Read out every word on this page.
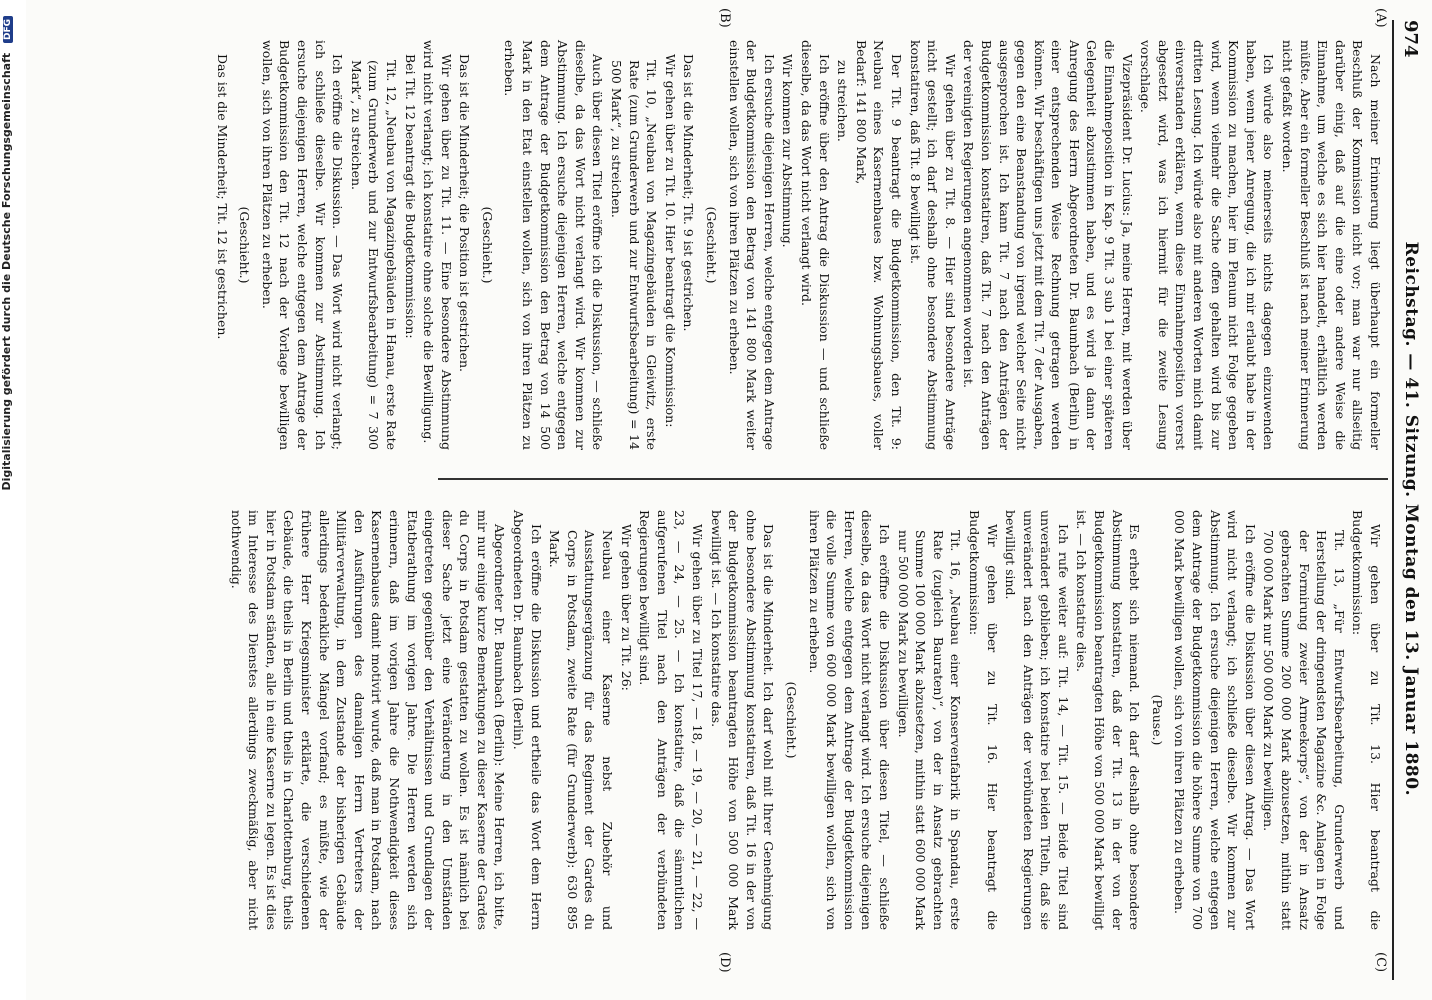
974
Reichstag. — 41. Sitzung. Montag den 13. Januar 1880.
(A)
(B)
(C)
(D)

Nach meiner Erinnerung liegt überhaupt ein formeller Beschluß der Kommission nicht vor; man war nur allseitig darüber einig, daß auf die eine oder andere Weise die Einnahme, um welche es sich hier handelt, erhältlich werden müßte. Aber ein formeller Beschluß ist nach meiner Erinnerung nicht gefaßt worden.

Ich würde also meinerseits nichts dagegen einzuwenden haben, wenn jener Anregung, die ich mir erlaubt habe in der Kommission zu machen, hier im Plenum nicht Folge gegeben wird, wenn vielmehr die Sache offen gehalten wird bis zur dritten Lesung. Ich würde also mit anderen Worten mich damit einverstanden erklären, wenn diese Einnahmeposition vorerst abgesetzt wird, was ich hiermit für die zweite Lesung vorschlage.

Vizepräsident Dr. Lucius: Ja, meine Herren, mit werden über die Einnahmeposition in Kap. 9 Tit. 3 sub 1 bei einer späteren Gelegenheit abzustimmen haben, und es wird ja dann der Anregung des Herrn Abgeordneten Dr. Baumbach (Berlin) in einer entsprechenden Weise Rechnung getragen werden können. Wir beschäftigen uns jetzt mit dem Tit. 7 der Ausgaben, gegen den eine Beanstandung von irgend welcher Seite nicht ausgesprochen ist. Ich kann Tit. 7 nach den Anträgen der Budgetkommission konstatiren, daß Tit. 7 nach den Anträgen der vereinigten Regierungen angenommen worden ist.

Wir gehen über zu Tit. 8. — Hier sind besondere Anträge nicht gestellt; ich darf deshalb ohne besondere Abstimmung konstatiren, daß Tit. 8 bewilligt ist.

Der Tit. 9 beantragt die Budgetkommission, den Tit. 9: Neubau eines Kasernenbaues bzw. Wohnungsbaues, voller Bedarf: 141 800 Mark,

zu streichen.

Ich eröffne über den Antrag die Diskussion — und schließe dieselbe, da das Wort nicht verlangt wird.

Wir kommen zur Abstimmung.

Ich ersuche diejenigen Herren, welche entgegen dem Antrage der Budgetkommission den Betrag von 141 800 Mark weiter einstellen wollen, sich von ihren Plätzen zu erheben.

(Geschieht.)

Das ist die Minderheit; Tit. 9 ist gestrichen.

Wir gehen über zu Tit. 10. Hier beantragt die Kommission:

Tit. 10, „Neubau von Magazingebäuden in Gleiwitz, erste Rate (zum Grunderwerb und zur Entwurfsbearbeitung) = 14 500 Mark“, zu streichen.

Auch über diesen Titel eröffne ich die Diskussion, — schließe dieselbe, da das Wort nicht verlangt wird. Wir kommen zur Abstimmung. Ich ersuche diejenigen Herren, welche entgegen dem Antrage der Budgetkommission den Betrag von 14 500 Mark in den Etat einstellen wollen, sich von ihren Plätzen zu erheben.

(Geschieht.)

Das ist die Minderheit; die Position ist gestrichen.

Wir gehen über zu Tit. 11. — Eine besondere Abstimmung wird nicht verlangt; ich konstatire ohne solche die Bewilligung.

Bei Tit. 12 beantragt die Budgetkommission:

Tit. 12, „Neubau von Magazingebäuden in Hanau, erste Rate (zum Grunderwerb und zur Entwurfsbearbeitung) = 7 300 Mark“, zu streichen.

Ich eröffne die Diskussion. — Das Wort wird nicht verlangt; ich schließe dieselbe. Wir kommen zur Abstimmung. Ich ersuche diejenigen Herren, welche entgegen dem Antrage der Budgetkommission den Tit. 12 nach der Vorlage bewilligen wollen, sich von ihren Plätzen zu erheben.

(Geschieht.)

Das ist die Minderheit; Tit. 12 ist gestrichen.

Wir gehen über zu Tit. 13. Hier beantragt die Budgetkommission:

Tit. 13, „Für Entwurfsbearbeitung, Grunderwerb und Herstellung der dringendsten Magazine &c. Anlagen in Folge der Formirung zweier Armeekorps“, von der in Ansatz gebrachten Summe 200 000 Mark abzusetzen, mithin statt 700 000 Mark nur 500 000 Mark zu bewilligen.

Ich eröffne die Diskussion über diesen Antrag. — Das Wort wird nicht verlangt; ich schließe dieselbe. Wir kommen zur Abstimmung. Ich ersuche diejenigen Herren, welche entgegen dem Antrage der Budgetkommission die höhere Summe von 700 000 Mark bewilligen wollen, sich von ihren Plätzen zu erheben.

(Pause.)

Es erhebt sich niemand. Ich darf deshalb ohne besondere Abstimmung konstatiren, daß der Tit. 13 in der von der Budgetkommission beantragten Höhe von 500 000 Mark bewilligt ist. — Ich konstatire dies.

Ich rufe weiter auf: Tit. 14, — Tit. 15. — Beide Titel sind unverändert geblieben; ich konstatire bei beiden Titeln, daß sie unverändert nach den Anträgen der verbündeten Regierungen bewilligt sind.

Wir gehen über zu Tit. 16. Hier beantragt die Budgetkommission:

Tit. 16, „Neubau einer Konservenfabrik in Spandau, erste Rate (zugleich Bauraten)“, von der in Ansatz gebrachten Summe 100 000 Mark abzusetzen, mithin statt 600 000 Mark nur 500 000 Mark zu bewilligen.

Ich eröffne die Diskussion über diesen Titel, — schließe dieselbe, da das Wort nicht verlangt wird. Ich ersuche diejenigen Herren, welche entgegen dem Antrage der Budgetkommission die volle Summe von 600 000 Mark bewilligen wollen, sich von ihren Plätzen zu erheben.

(Geschieht.)

Das ist die Minderheit. Ich darf wohl mit Ihrer Genehmigung ohne besondere Abstimmung konstatiren, daß Tit. 16 in der von der Budgetkommission beantragten Höhe von 500 000 Mark bewilligt ist. — Ich konstatire das.

Wir gehen über zu Titel 17, — 18, — 19, — 20, — 21, — 22, — 23, — 24, — 25. — Ich konstatire, daß die sämmtlichen aufgerufenen Titel nach den Anträgen der verbündeten Regierungen bewilligt sind.

Wir gehen über zu Tit. 26:

Neubau einer Kaserne nebst Zubehör und Ausstattungsergänzung für das Regiment der Gardes du Corps in Potsdam, zweite Rate (für Grunderwerb): 630 895 Mark.

Ich eröffne die Diskussion und ertheile das Wort dem Herrn Abgeordneten Dr. Baumbach (Berlin).

Abgeordneter Dr. Baumbach (Berlin): Meine Herren, ich bitte, mir nur einige kurze Bemerkungen zu dieser Kaserne der Gardes du Corps in Potsdam gestatten zu wollen. Es ist nämlich bei dieser Sache jetzt eine Veränderung in den Umständen eingetreten gegenüber den Verhältnissen und Grundlagen der Etatberathung im vorigen Jahre. Die Herren werden sich erinnern, daß im vorigen Jahre die Nothwendigkeit dieses Kasernenbaues damit motivirt wurde, daß man in Potsdam, nach den Ausführungen des damaligen Herrn Vertreters der Militärverwaltung, in dem Zustande der bisherigen Gebäude allerdings bedenkliche Mängel vorfand; es müßte, wie der frühere Herr Kriegsminister erklärte, die verschiedenen Gebäude, die theils in Berlin und theils in Charlottenburg, theils hier in Potsdam ständen, alle in eine Kaserne zu legen. Es ist dies im Interesse des Dienstes allerdings zweckmäßig, aber nicht nothwendig.

Digitalisierung gefördert durch die Deutsche Forschungsgemeinschaft DFG
